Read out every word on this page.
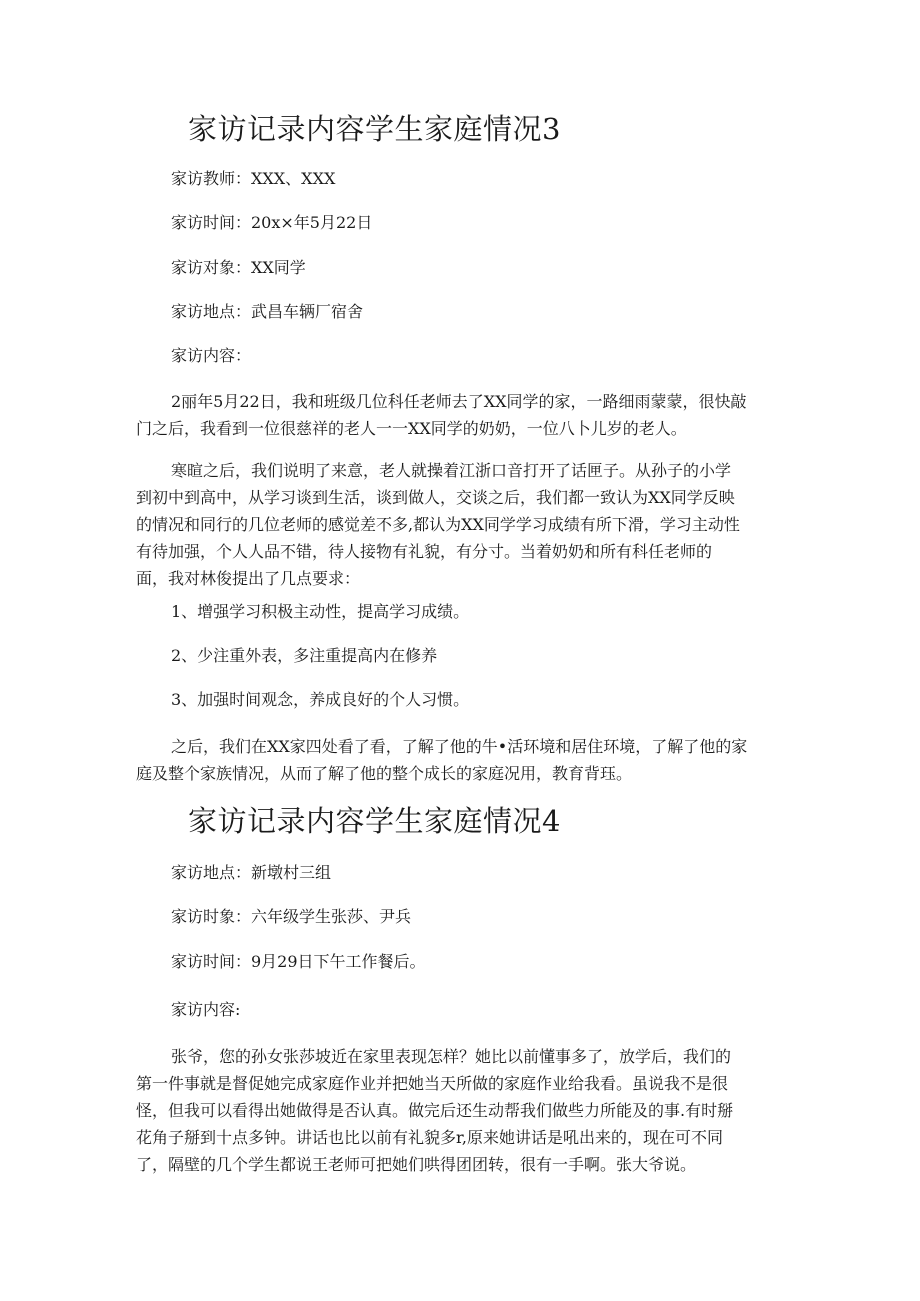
家访记录内容学生家庭情况3
家访教师：XXX、XXX
家访时间：20x×年5月22日
家访对象：XX同学
家访地点：武昌车辆厂宿舍
家访内容：
2丽年5月22日，我和班级几位科任老师去了XX同学的家，一路细雨蒙蒙，很快敲
门之后，我看到一位很慈祥的老人一一XX同学的奶奶，一位八卜儿岁的老人。
寒暄之后，我们说明了来意，老人就操着江浙口音打开了话匣子。从孙子的小学
到初中到高中，从学习谈到生活，谈到做人，交谈之后，我们都一致认为XX同学反映
的情况和同行的几位老师的感觉差不多,都认为XX同学学习成绩有所下滑，学习主动性
有待加强，个人人品不错，待人接物有礼貌，有分寸。当着奶奶和所有科任老师的
面，我对林俊提出了几点要求：
1、增强学习积极主动性，提高学习成绩。
2、少注重外表，多注重提高内在修养
3、加强时间观念，养成良好的个人习惯。
之后，我们在XX家四处看了看，了解了他的牛•活环境和居住环境，了解了他的家
庭及整个家族情况，从而了解了他的整个成长的家庭况用，教育背珏。
家访记录内容学生家庭情况4
家访地点：新墩村三组
家访时象：六年级学生张莎、尹兵
家访时间：9月29日下午工作餐后。
家访内容:
张爷，您的孙女张莎坡近在家里表现怎样？她比以前懂事多了，放学后，我们的
第一件事就是督促她完成家庭作业并把她当天所做的家庭作业给我看。虽说我不是很
怪，但我可以看得出她做得是否认真。做完后还生动帮我们做些力所能及的事.有时掰
花角子掰到十点多钟。讲话也比以前有礼貌多r,原来她讲话是吼出来的，现在可不同
了，隔壁的几个学生都说王老师可把她们哄得团团转，很有一手啊。张大爷说。
